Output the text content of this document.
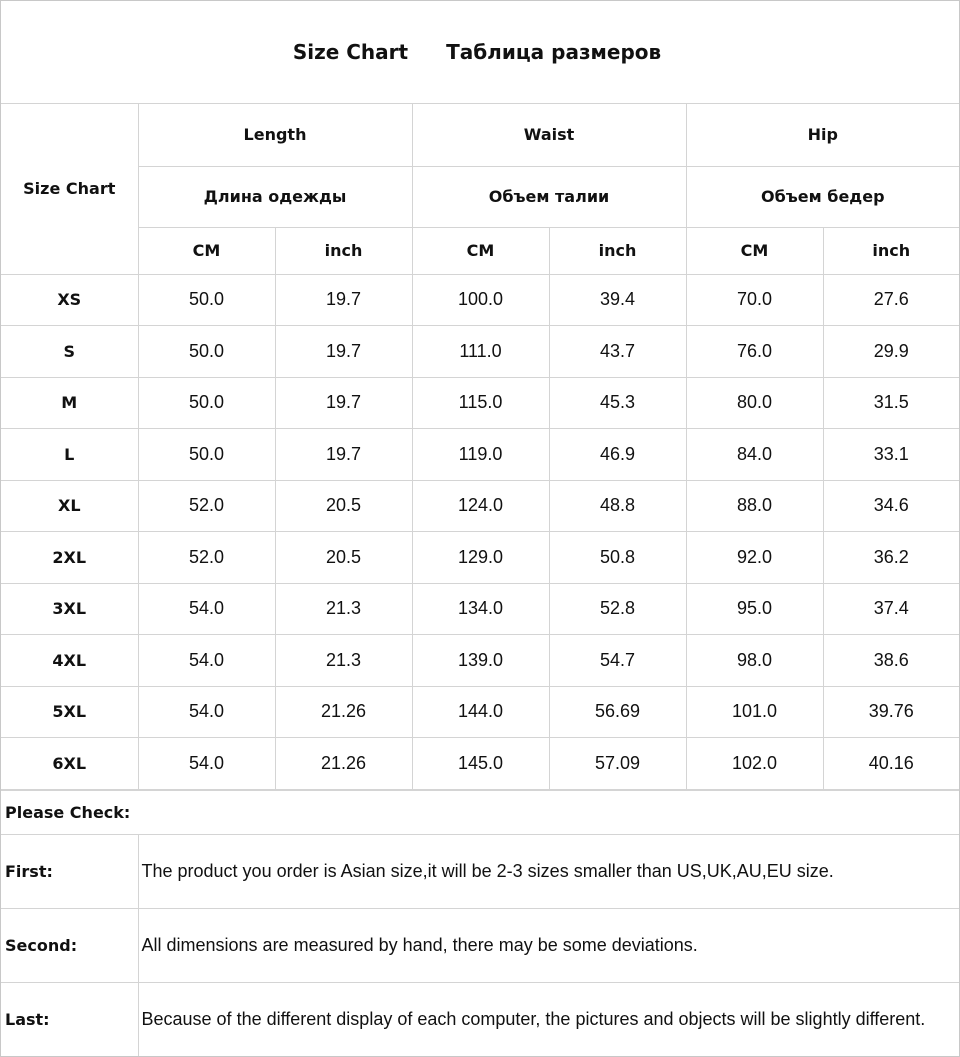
Size Chart Таблица размеров
Size Chart	Length		Waist		Hip	
	Длина одежды		Объем талии		Объем бедер	
	CM	inch	CM	inch	CM	inch
XS	50.0	19.7	100.0	39.4	70.0	27.6
S	50.0	19.7	111.0	43.7	76.0	29.9
M	50.0	19.7	115.0	45.3	80.0	31.5
L	50.0	19.7	119.0	46.9	84.0	33.1
XL	52.0	20.5	124.0	48.8	88.0	34.6
2XL	52.0	20.5	129.0	50.8	92.0	36.2
3XL	54.0	21.3	134.0	52.8	95.0	37.4
4XL	54.0	21.3	139.0	54.7	98.0	38.6
5XL	54.0	21.26	144.0	56.69	101.0	39.76
6XL	54.0	21.26	145.0	57.09	102.0	40.16
Please Check:	
First:	The product you order is Asian size,it will be 2-3 sizes smaller than US,UK,AU,EU size.
Second:	All dimensions are measured by hand, there may be some deviations.
Last:	Because of the different display of each computer, the pictures and objects will be slightly different.
